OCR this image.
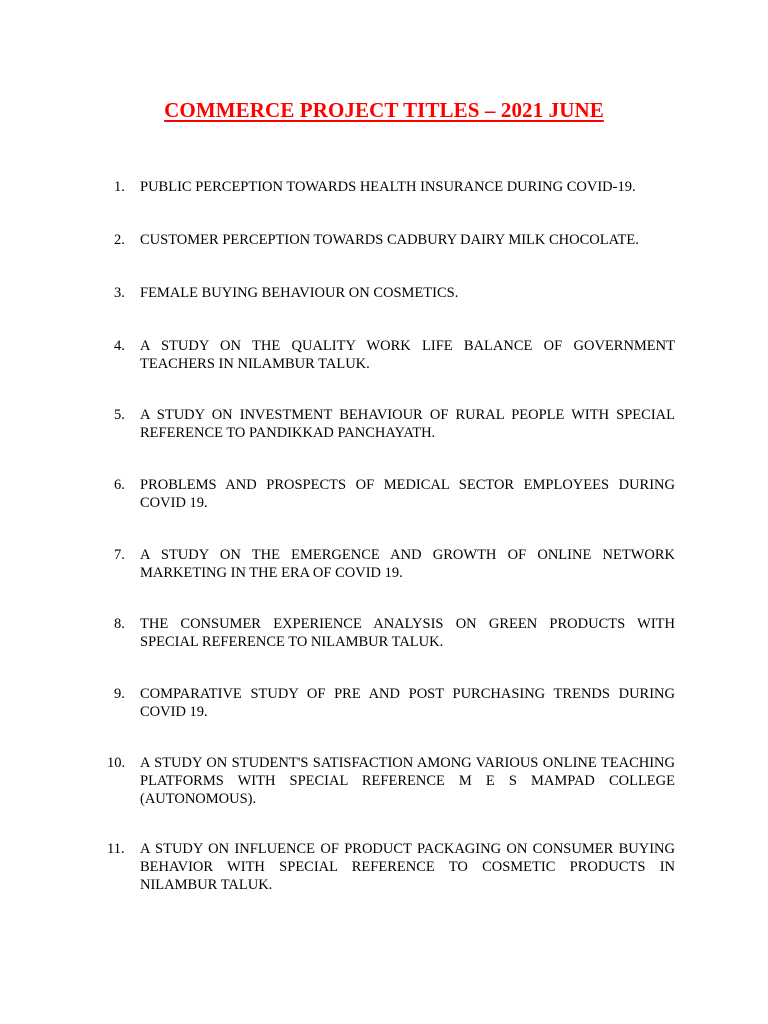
COMMERCE PROJECT TITLES – 2021 JUNE
1.	PUBLIC PERCEPTION TOWARDS HEALTH INSURANCE DURING COVID-19.
2.	CUSTOMER PERCEPTION TOWARDS CADBURY DAIRY MILK CHOCOLATE.
3.	FEMALE BUYING BEHAVIOUR ON COSMETICS.
4.	A STUDY ON THE QUALITY WORK LIFE BALANCE OF GOVERNMENT TEACHERS IN NILAMBUR TALUK.
5.	A STUDY ON INVESTMENT BEHAVIOUR OF RURAL PEOPLE WITH SPECIAL REFERENCE TO PANDIKKAD PANCHAYATH.
6.	PROBLEMS AND PROSPECTS OF MEDICAL SECTOR EMPLOYEES DURING COVID 19.
7.	A STUDY ON THE EMERGENCE AND GROWTH OF ONLINE NETWORK MARKETING IN THE ERA OF COVID 19.
8.	THE CONSUMER EXPERIENCE ANALYSIS ON GREEN PRODUCTS WITH SPECIAL REFERENCE TO NILAMBUR TALUK.
9.	COMPARATIVE STUDY OF PRE AND POST PURCHASING TRENDS DURING COVID 19.
10.	A STUDY ON STUDENT'S SATISFACTION AMONG VARIOUS ONLINE TEACHING PLATFORMS WITH SPECIAL REFERENCE M E S MAMPAD COLLEGE (AUTONOMOUS).
11.	A STUDY ON INFLUENCE OF PRODUCT PACKAGING ON CONSUMER BUYING BEHAVIOR WITH SPECIAL REFERENCE TO COSMETIC PRODUCTS IN NILAMBUR TALUK.
